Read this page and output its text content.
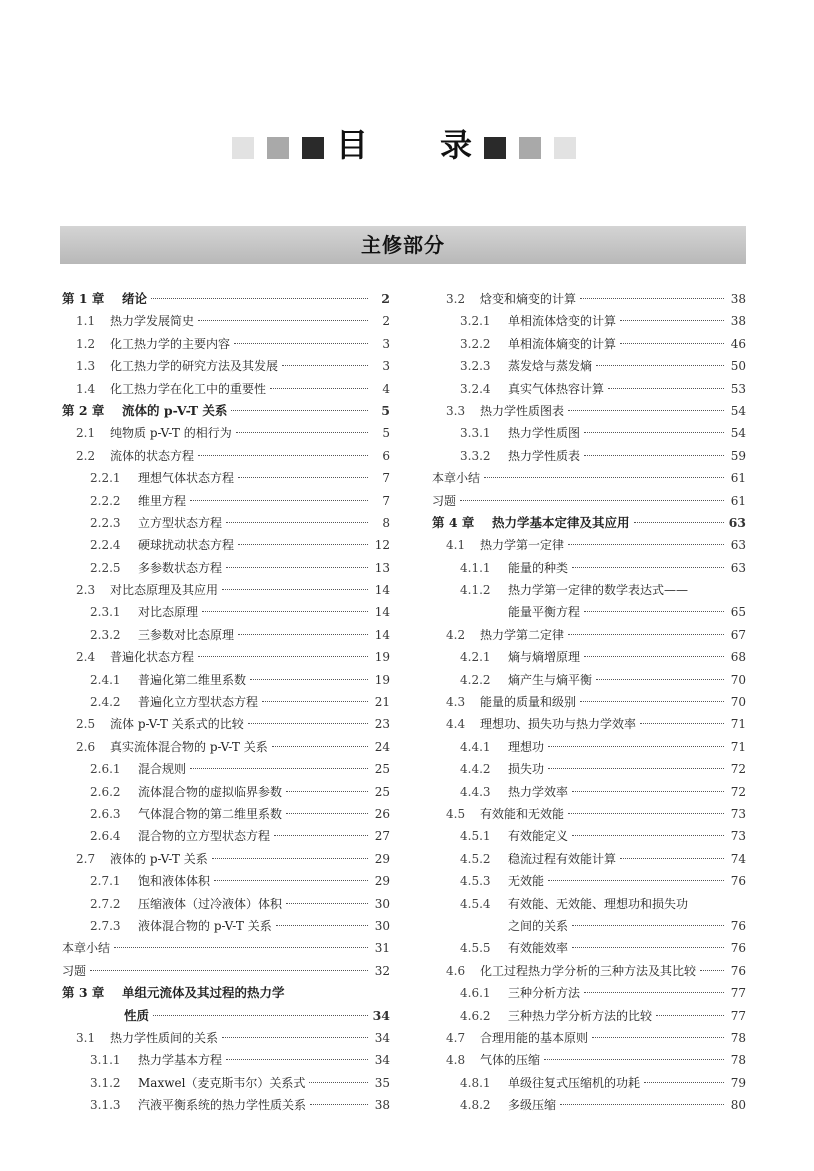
目 录
主修部分
第 1 章	绪论	2
1.1	热力学发展简史	2
1.2	化工热力学的主要内容	3
1.3	化工热力学的研究方法及其发展	3
1.4	化工热力学在化工中的重要性	4
第 2 章	流体的 p-V-T 关系	5
2.1	纯物质 p-V-T 的相行为	5
2.2	流体的状态方程	6
2.2.1	理想气体状态方程	7
2.2.2	维里方程	7
2.2.3	立方型状态方程	8
2.2.4	硬球扰动状态方程	12
2.2.5	多参数状态方程	13
2.3	对比态原理及其应用	14
2.3.1	对比态原理	14
2.3.2	三参数对比态原理	14
2.4	普遍化状态方程	19
2.4.1	普遍化第二维里系数	19
2.4.2	普遍化立方型状态方程	21
2.5	流体 p-V-T 关系式的比较	23
2.6	真实流体混合物的 p-V-T 关系	24
2.6.1	混合规则	25
2.6.2	流体混合物的虚拟临界参数	25
2.6.3	气体混合物的第二维里系数	26
2.6.4	混合物的立方型状态方程	27
2.7	液体的 p-V-T 关系	29
2.7.1	饱和液体体积	29
2.7.2	压缩液体（过冷液体）体积	30
2.7.3	液体混合物的 p-V-T 关系	30
本章小结	31
习题	32
第 3 章	单组元流体及其过程的热力学
性质	34
3.1	热力学性质间的关系	34
3.1.1	热力学基本方程	34
3.1.2	Maxwel（麦克斯韦尔）关系式	35
3.1.3	汽液平衡系统的热力学性质关系	38
3.2	焓变和熵变的计算	38
3.2.1	单相流体焓变的计算	38
3.2.2	单相流体熵变的计算	46
3.2.3	蒸发焓与蒸发熵	50
3.2.4	真实气体热容计算	53
3.3	热力学性质图表	54
3.3.1	热力学性质图	54
3.3.2	热力学性质表	59
本章小结	61
习题	61
第 4 章	热力学基本定律及其应用	63
4.1	热力学第一定律	63
4.1.1	能量的种类	63
4.1.2	热力学第一定律的数学表达式——
能量平衡方程	65
4.2	热力学第二定律	67
4.2.1	熵与熵增原理	68
4.2.2	熵产生与熵平衡	70
4.3	能量的质量和级别	70
4.4	理想功、损失功与热力学效率	71
4.4.1	理想功	71
4.4.2	损失功	72
4.4.3	热力学效率	72
4.5	有效能和无效能	73
4.5.1	有效能定义	73
4.5.2	稳流过程有效能计算	74
4.5.3	无效能	76
4.5.4	有效能、无效能、理想功和损失功
之间的关系	76
4.5.5	有效能效率	76
4.6	化工过程热力学分析的三种方法及其比较	76
4.6.1	三种分析方法	77
4.6.2	三种热力学分析方法的比较	77
4.7	合理用能的基本原则	78
4.8	气体的压缩	78
4.8.1	单级往复式压缩机的功耗	79
4.8.2	多级压缩	80
